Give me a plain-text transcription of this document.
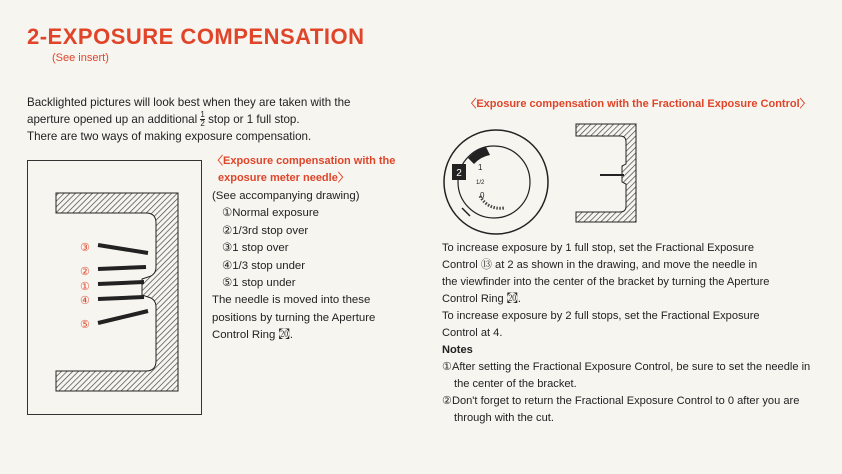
2-EXPOSURE COMPENSATION
(See insert)

Backlighted pictures will look best when they are taken with the

aperture opened up an additional $\frac{1}{2}$ stop or 1 full stop.

There are two ways of making exposure compensation.

③
②
①
④
⑤
〈Exposure compensation with the
exposure meter needle〉
(See accompanying drawing)
①Normal exposure
②1/3rd stop over
③1 stop over
④1/3 stop under
⑤1 stop under
The needle is moved into these
positions by turning the Aperture
Control Ring ㉉.
〈Exposure compensation with the Fractional Exposure Control〉
2
1
1/2
0

To increase exposure by 1 full stop, set the Fractional Exposure

Control ⑬ at 2 as shown in the drawing, and move the needle in

the viewfinder into the center of the bracket by turning the Aperture

Control Ring ㉉.

To increase exposure by 2 full stops, set the Fractional Exposure

Control at 4.

Notes

①After setting the Fractional Exposure Control, be sure to set the needle in the center of the bracket.

②Don't forget to return the Fractional Exposure Control to 0 after you are through with the cut.
